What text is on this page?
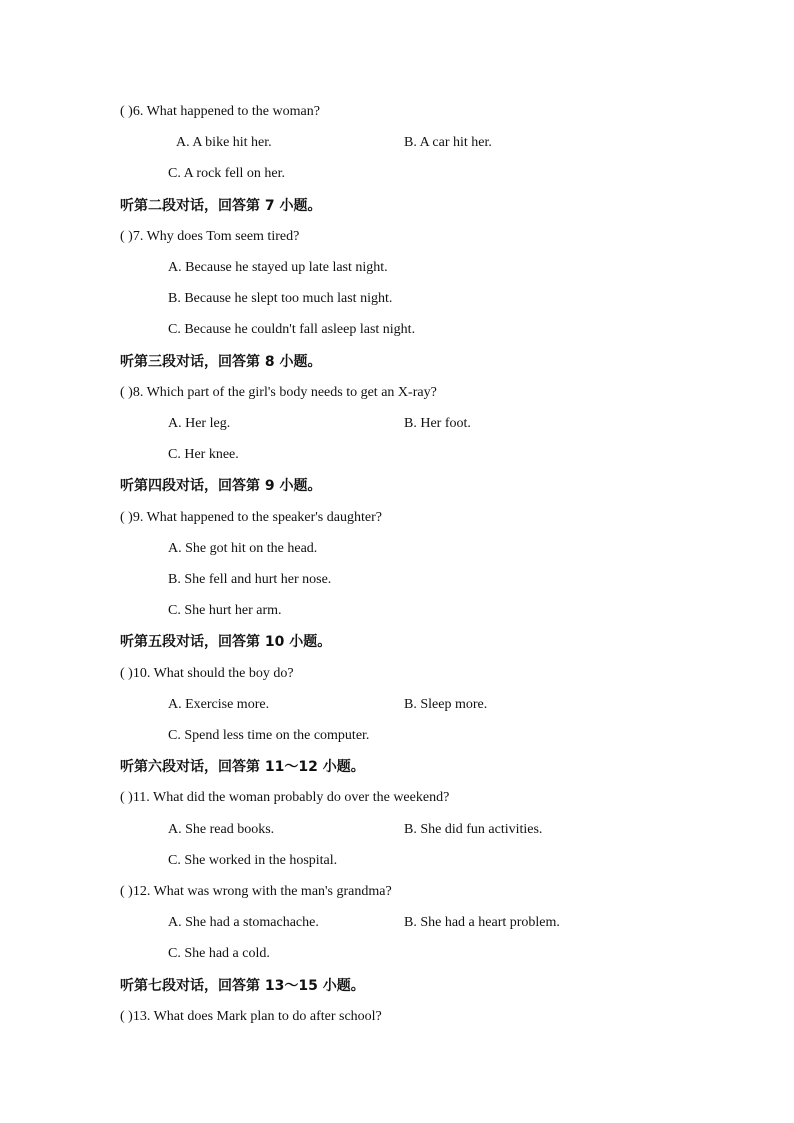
( )6. What happened to the woman?
A. A bike hit her.	B. A car hit her.
C. A rock fell on her.
听第二段对话，回答第 7 小题。
( )7. Why does Tom seem tired?
A. Because he stayed up late last night.
B. Because he slept too much last night.
C. Because he couldn't fall asleep last night.
听第三段对话，回答第 8 小题。
( )8. Which part of the girl's body needs to get an X-ray?
A. Her leg.	B. Her foot.
C. Her knee.
听第四段对话，回答第 9 小题。
( )9. What happened to the speaker's daughter?
A. She got hit on the head.
B. She fell and hurt her nose.
C. She hurt her arm.
听第五段对话，回答第 10 小题。
( )10. What should the boy do?
A. Exercise more.	B. Sleep more.
C. Spend less time on the computer.
听第六段对话，回答第 11～12 小题。
( )11. What did the woman probably do over the weekend?
A. She read books.	B. She did fun activities.
C. She worked in the hospital.
( )12. What was wrong with the man's grandma?
A. She had a stomachache.	B. She had a heart problem.
C. She had a cold.
听第七段对话，回答第 13～15 小题。
( )13. What does Mark plan to do after school?
